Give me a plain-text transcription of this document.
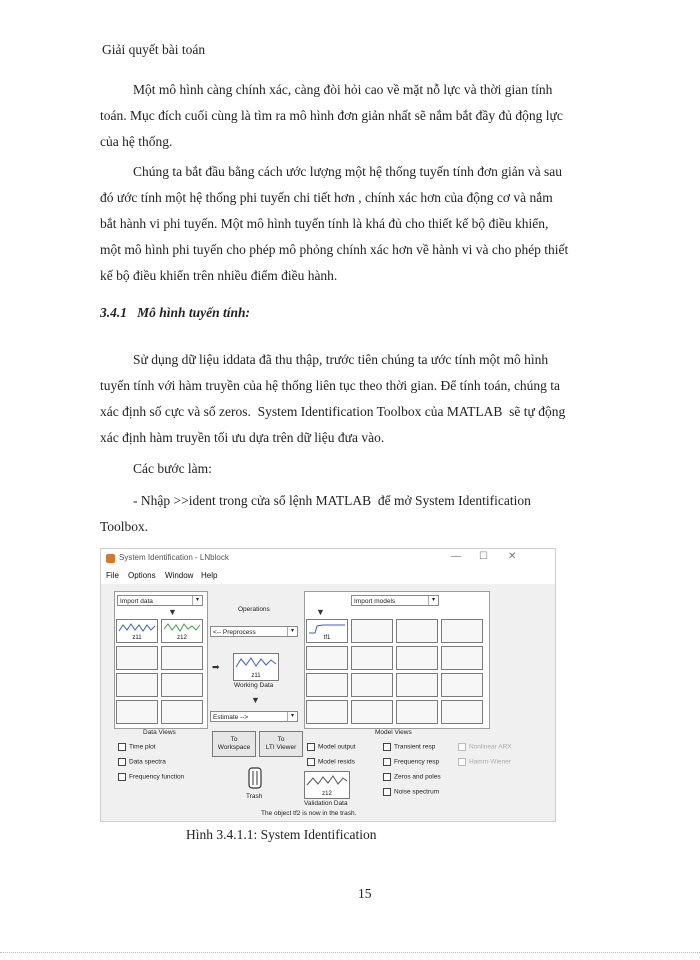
Giải quyết bài toán
Một mô hình càng chính xác, càng đòi hỏi cao về mặt nỗ lực và thời gian tính
toán. Mục đích cuối cùng là tìm ra mô hình đơn giản nhất sẽ nắm bắt đầy đủ động lực
của hệ thống.
Chúng ta bắt đầu bằng cách ước lượng một hệ thống tuyến tính đơn giản và sau
đó ước tính một hệ thống phi tuyến chi tiết hơn , chính xác hơn của động cơ và nắm
bắt hành vi phi tuyến. Một mô hình tuyến tính là khá đủ cho thiết kế bộ điều khiển,
một mô hình phi tuyến cho phép mô phỏng chính xác hơn về hành vi và cho phép thiết
kế bộ điều khiển trên nhiều điểm điều hành.
3.4.1   Mô hình tuyến tính:
Sử dụng dữ liệu iddata đã thu thập, trước tiên chúng ta ước tính một mô hình
tuyến tính với hàm truyền của hệ thống liên tục theo thời gian. Để tính toán, chúng ta
xác định số cực và số zeros.  System Identification Toolbox của MATLAB  sẽ tự động
xác định hàm truyền tối ưu dựa trên dữ liệu đưa vào.
Các bước làm:
- Nhập >>ident trong cửa sổ lệnh MATLAB  để mở System Identification
Toolbox.
System Identification - LNblock	— ☐ ✕
File Options Window Help
Import data	▾
▼
z11	z12
Operations
<-- Preprocess	▾
➡
z11
Working Data
▼
Estimate -->	▾
Import models	▾
▼
tf1
Data Views
Time plot
Data spectra
Frequency function
To
Workspace
To
LTI Viewer
Trash	z12
Validation Data
Model Views
Model output
Model resids
Transient resp
Frequency resp
Zeros and poles
Noise spectrum
Nonlinear ARX
Hamm-Wiener
The object tf2 is now in the trash.
Hình 3.4.1.1: System Identification
15
